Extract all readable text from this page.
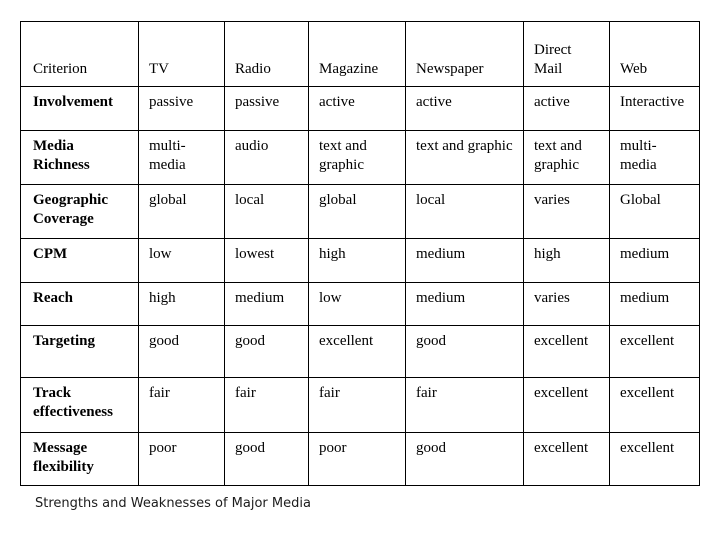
Criterion	TV	Radio	Magazine	Newspaper	Direct Mail	Web
Involvement	passive	passive	active	active	active	Interactive
Media Richness	multi-media	audio	text and graphic	text and graphic	text and graphic	multi-media
Geographic Coverage	global	local	global	local	varies	Global
CPM	low	lowest	high	medium	high	medium
Reach	high	medium	low	medium	varies	medium
Targeting	good	good	excellent	good	excellent	excellent
Track effectiveness	fair	fair	fair	fair	excellent	excellent
Message flexibility	poor	good	poor	good	excellent	excellent
Strengths and Weaknesses of Major Media
